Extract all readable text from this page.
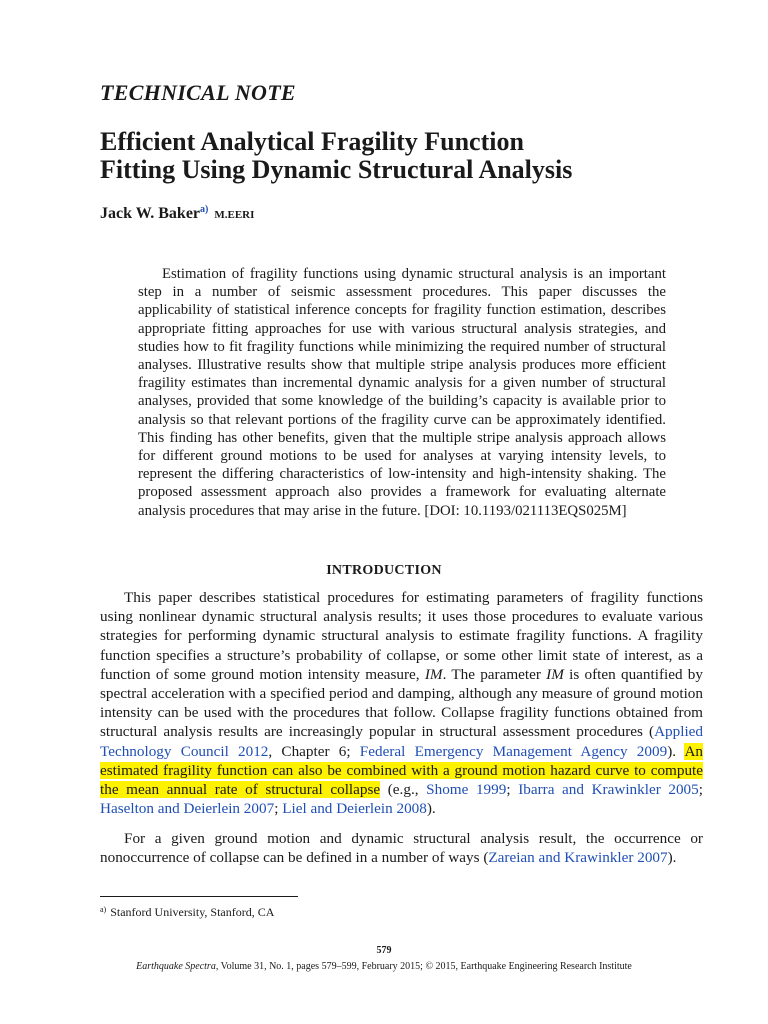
TECHNICAL NOTE
Efficient Analytical Fragility Function
Fitting Using Dynamic Structural Analysis
Jack W. Baker$^{a)}$ M.EERI

Estimation of fragility functions using dynamic structural analysis is an important step in a number of seismic assessment procedures. This paper discusses the applicability of statistical inference concepts for fragility function estimation, describes appropriate fitting approaches for use with various structural analysis strategies, and studies how to fit fragility functions while minimizing the required number of structural analyses. Illustrative results show that multiple stripe analysis produces more efficient fragility estimates than incremental dynamic analysis for a given number of structural analyses, provided that some knowledge of the building’s capacity is available prior to analysis so that relevant portions of the fragility curve can be approximately identified. This finding has other benefits, given that the multiple stripe analysis approach allows for different ground motions to be used for analyses at varying intensity levels, to represent the differing characteristics of low-intensity and high-intensity shaking. The proposed assessment approach also provides a framework for evaluating alternate analysis procedures that may arise in the future. [DOI: 10.1193/021113EQS025M]

INTRODUCTION

This paper describes statistical procedures for estimating parameters of fragility functions using nonlinear dynamic structural analysis results; it uses those procedures to evaluate various strategies for performing dynamic structural analysis to estimate fragility functions. A fragility function specifies a structure’s probability of collapse, or some other limit state of interest, as a function of some ground motion intensity measure, IM. The parameter IM is often quantified by spectral acceleration with a specified period and damping, although any measure of ground motion intensity can be used with the procedures that follow. Collapse fragility functions obtained from structural analysis results are increasingly popular in structural assessment procedures (Applied Technology Council 2012, Chapter 6; Federal Emergency Management Agency 2009). An estimated fragility function can also be combined with a ground motion hazard curve to compute the mean annual rate of structural collapse (e.g., Shome 1999; Ibarra and Krawinkler 2005; Haselton and Deierlein 2007; Liel and Deierlein 2008).

For a given ground motion and dynamic structural analysis result, the occurrence or nonoccurrence of collapse can be defined in a number of ways (Zareian and Krawinkler 2007).

$^{a)}$ Stanford University, Stanford, CA
579
Earthquake Spectra, Volume 31, No. 1, pages 579–599, February 2015; © 2015, Earthquake Engineering Research Institute
